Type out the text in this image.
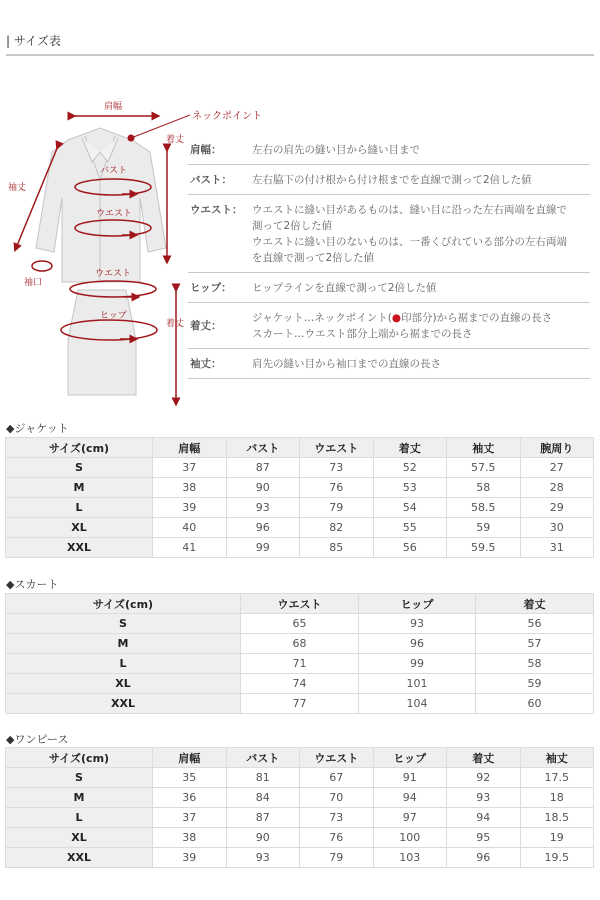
| サイズ表
肩幅
ネックポイント
着丈
袖丈
バスト
ウエスト
袖口
ウエスト
ヒップ
着丈
肩幅：	左右の肩先の縫い目から縫い目まで
バスト：	左右脇下の付け根から付け根までを直線で測って2倍した値
ウエスト： ウエストに縫い目があるものは、縫い目に沿った左右両端を直線で
測って2倍した値
ウエストに縫い目のないものは、一番くびれている部分の左右両端
を直線で測って2倍した値
ヒップ：	ヒップラインを直線で測って2倍した値
着丈：
ジャケット…ネックポイント(●印部分)から裾までの直線の長さ
スカート…ウエスト部分上端から裾までの長さ
袖丈：	肩先の縫い目から袖口までの直線の長さ
◆ジャケット
サイズ(cm)	肩幅	バスト	ウエスト	着丈	袖丈	腕周り
S	37	87	73	52	57.5	27
M	38	90	76	53	58	28
L	39	93	79	54	58.5	29
XL	40	96	82	55	59	30
XXL	41	99	85	56	59.5	31
◆スカート
サイズ(cm)	ウエスト	ヒップ	着丈
S	65	93	56
M	68	96	57
L	71	99	58
XL	74	101	59
XXL	77	104	60
◆ワンピース
サイズ(cm)	肩幅	バスト	ウエスト	ヒップ	着丈	袖丈
S	35	81	67	91	92	17.5
M	36	84	70	94	93	18
L	37	87	73	97	94	18.5
XL	38	90	76	100	95	19
XXL	39	93	79	103	96	19.5
